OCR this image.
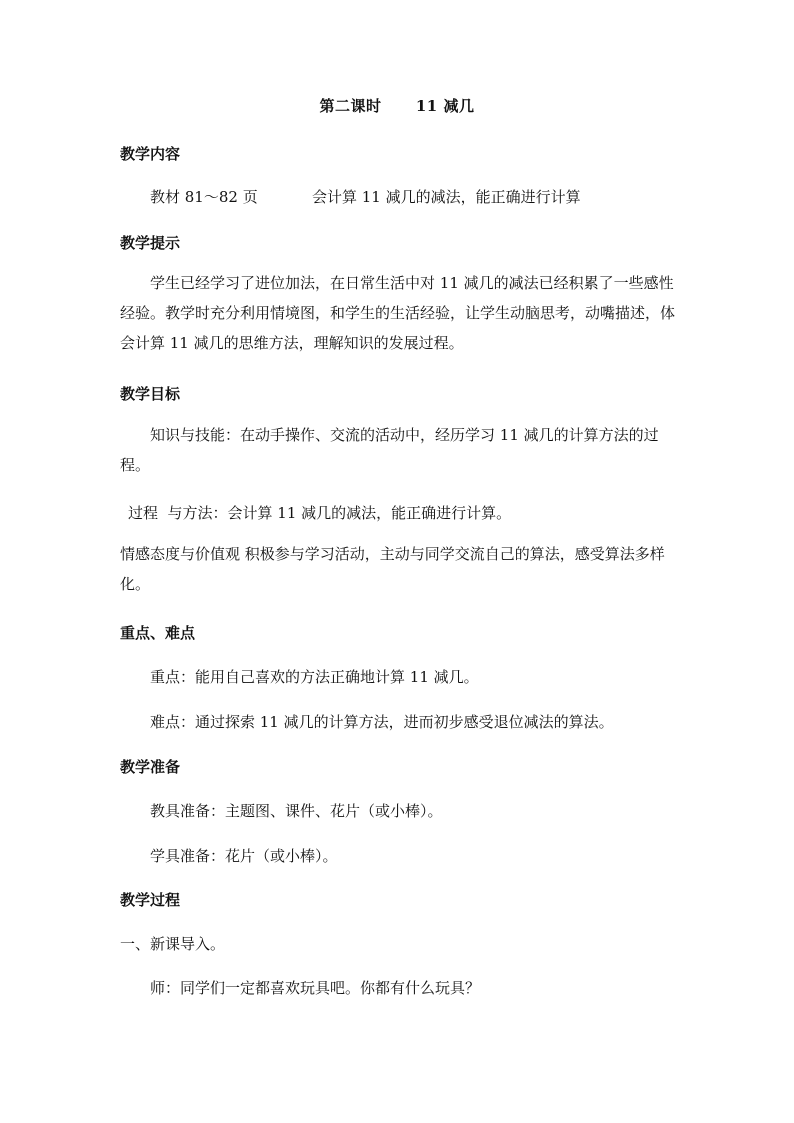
第二课时      11 减几
教学内容
教材 81～82 页	会计算 11 减几的减法，能正确进行计算
教学提示

学生已经学习了进位加法，在日常生活中对 11 减几的减法已经积累了一些感性经验。教学时充分利用情境图，和学生的生活经验，让学生动脑思考，动嘴描述，体会计算 11 减几的思维方法，理解知识的发展过程。

教学目标

知识与技能：在动手操作、交流的活动中，经历学习 11 减几的计算方法的过程。

过程  与方法：会计算 11 减几的减法，能正确进行计算。

情感态度与价值观 积极参与学习活动，主动与同学交流自己的算法，感受算法多样化。

重点、难点
重点：能用自己喜欢的方法正确地计算 11 减几。
难点：通过探索 11 减几的计算方法，进而初步感受退位减法的算法。
教学准备
教具准备：主题图、课件、花片（或小棒）。
学具准备：花片（或小棒）。
教学过程
一、新课导入。
师：同学们一定都喜欢玩具吧。你都有什么玩具？
